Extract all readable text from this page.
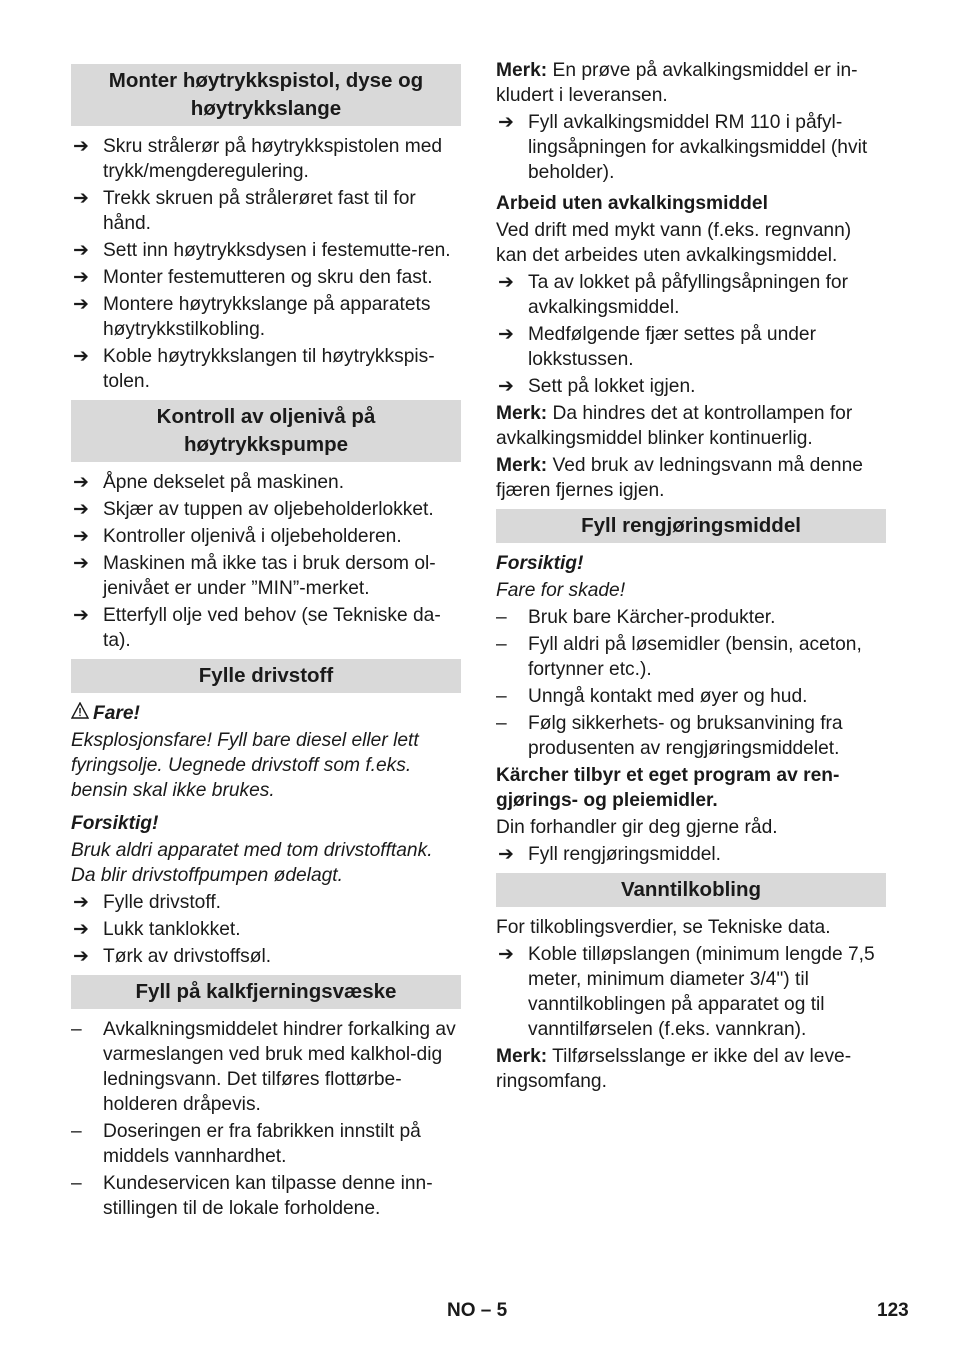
Monter høytrykkspistol, dyse og høytrykkslange
➔ Skru strålerør på høytrykkspistolen med trykk/mengderegulering.
➔ Trekk skruen på strålerøret fast til for hånd.
➔ Sett inn høytrykksdysen i festemutte-ren.
➔ Monter festemutteren og skru den fast.
➔ Montere høytrykkslange på apparatets høytrykkstilkobling.
➔ Koble høytrykkslangen til høytrykkspis-tolen.
Kontroll av oljenivå på høytrykkspumpe
➔ Åpne dekselet på maskinen.
➔ Skjær av tuppen av oljebeholderlokket.
➔ Kontroller oljenivå i oljebeholderen.
➔ Maskinen må ikke tas i bruk dersom ol-jenivået er under ”MIN”-merket.
➔ Etterfyll olje ved behov (se Tekniske da-ta).
Fylle drivstoff
Fare!
Eksplosjonsfare! Fyll bare diesel eller lett fyringsolje. Uegnede drivstoff som f.eks. bensin skal ikke brukes.
Forsiktig!
Bruk aldri apparatet med tom drivstofftank. Da blir drivstoffpumpen ødelagt.
➔ Fylle drivstoff.
➔ Lukk tanklokket.
➔ Tørk av drivstoffsøl.
Fyll på kalkfjerningsvæske
– Avkalkningsmiddelet hindrer forkalking av varmeslangen ved bruk med kalkhol-dig ledningsvann. Det tilføres flottørbe-holderen dråpevis.
– Doseringen er fra fabrikken innstilt på middels vannhardhet.
– Kundeservicen kan tilpasse denne inn-stillingen til de lokale forholdene.
Merk: En prøve på avkalkingsmiddel er in-kludert i leveransen.
➔ Fyll avkalkingsmiddel RM 110 i påfyl-lingsåpningen for avkalkingsmiddel (hvit beholder).
Arbeid uten avkalkingsmiddel
Ved drift med mykt vann (f.eks. regnvann) kan det arbeides uten avkalkingsmiddel.
➔ Ta av lokket på påfyllingsåpningen for avkalkingsmiddel.
➔ Medfølgende fjær settes på under lokkstussen.
➔ Sett på lokket igjen.
Merk: Da hindres det at kontrollampen for avkalkingsmiddel blinker kontinuerlig.
Merk: Ved bruk av ledningsvann må denne fjæren fjernes igjen.
Fyll rengjøringsmiddel
Forsiktig!
Fare for skade!
– Bruk bare Kärcher-produkter.
– Fyll aldri på løsemidler (bensin, aceton, fortynner etc.).
– Unngå kontakt med øyer og hud.
– Følg sikkerhets- og bruksanvining fra produsenten av rengjøringsmiddelet.
Kärcher tilbyr et eget program av ren-gjørings- og pleiemidler.
Din forhandler gir deg gjerne råd.
➔ Fyll rengjøringsmiddel.
Vanntilkobling
For tilkoblingsverdier, se Tekniske data.
➔ Koble tilløpslangen (minimum lengde 7,5 meter, minimum diameter 3/4") til vanntilkoblingen på apparatet og til vanntilførselen (f.eks. vannkran).
Merk: Tilførselsslange er ikke del av leve-ringsomfang.
NO – 5	123
